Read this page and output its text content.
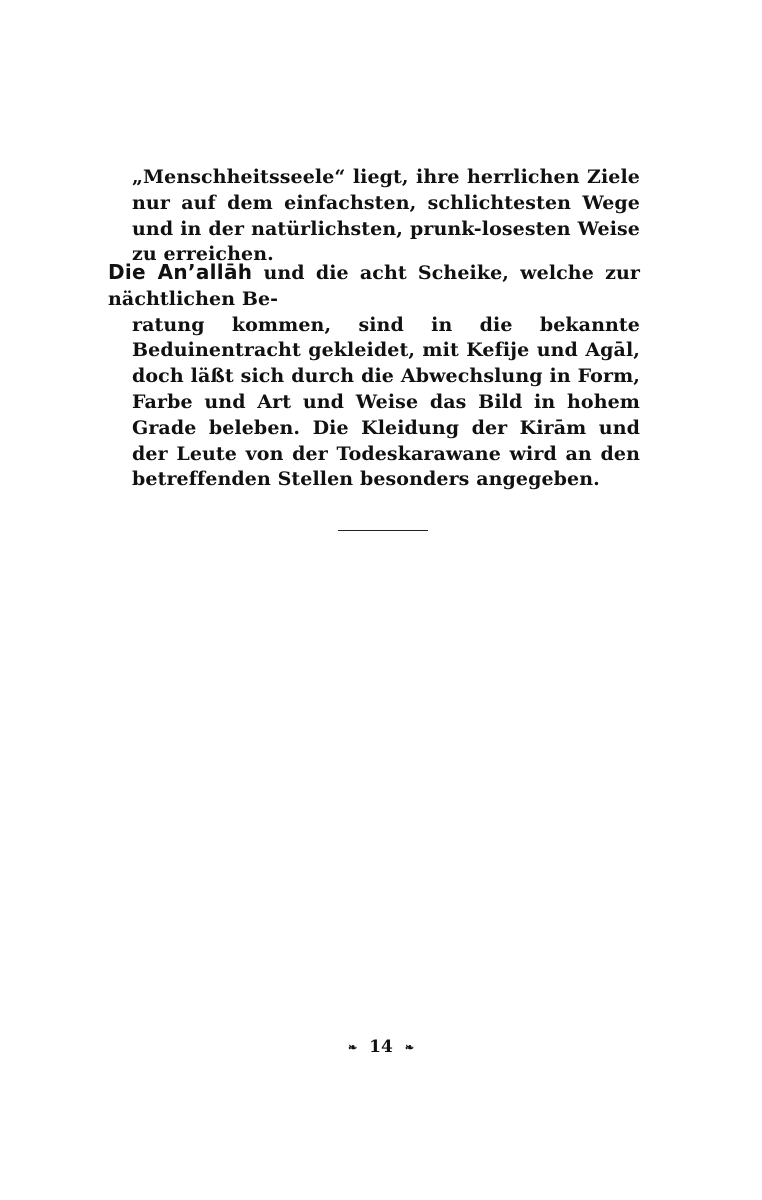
„Menschheitsseele“ liegt, ihre herrlichen Ziele nur auf dem einfachsten, schlichtesten Wege und in der natürlichsten, prunk-losesten Weise zu erreichen.

Die An’allāh und die acht Scheike, welche zur nächtlichen Be-
ratung kommen, sind in die bekannte Beduinentracht gekleidet, mit Kefije und Agāl, doch läßt sich durch die Abwechslung in Form, Farbe und Art und Weise das Bild in hohem Grade beleben. Die Kleidung der Kirām und der Leute von der Todeskarawane wird an den betreffenden Stellen besonders angegeben.

❧ 14 ❧
